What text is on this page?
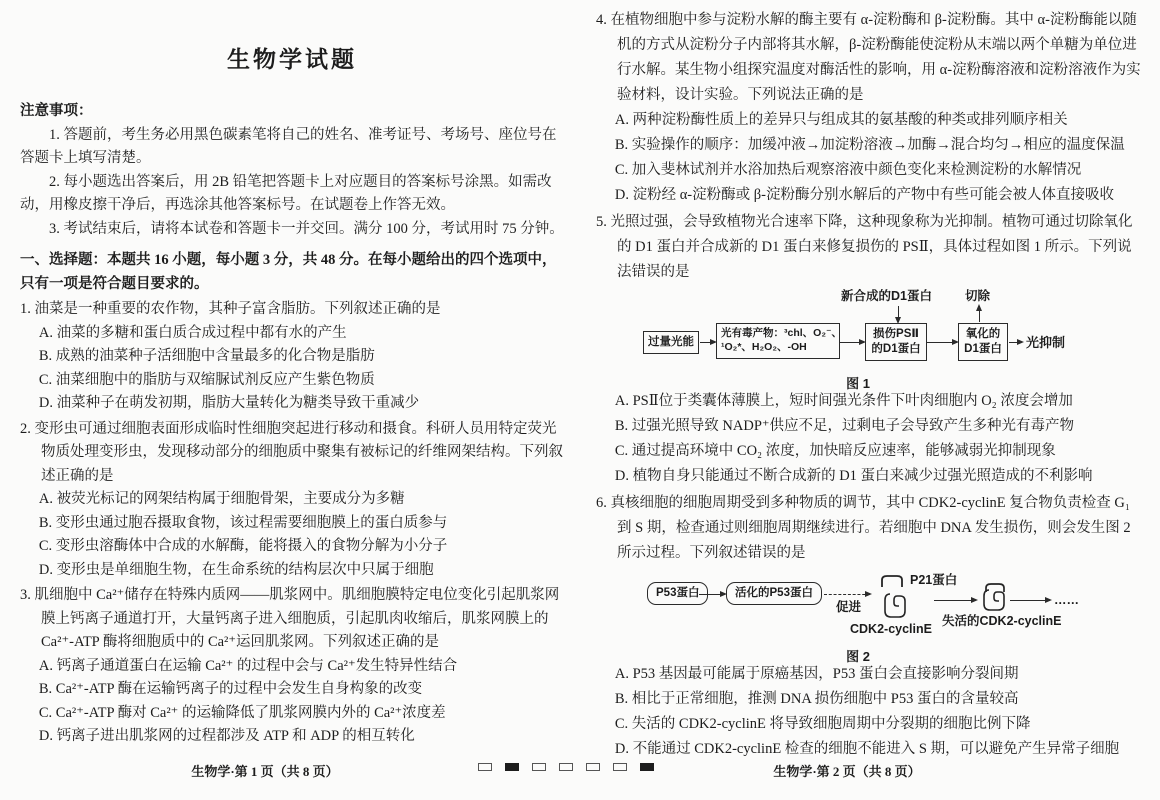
生物学试题
注意事项：

1. 答题前，考生务必用黑色碳素笔将自己的姓名、准考证号、考场号、座位号在答题卡上填写清楚。

2. 每小题选出答案后，用 2B 铅笔把答题卡上对应题目的答案标号涂黑。如需改动，用橡皮擦干净后，再选涂其他答案标号。在试题卷上作答无效。

3. 考试结束后，请将本试卷和答题卡一并交回。满分 100 分，考试用时 75 分钟。

一、选择题：本题共 16 小题，每小题 3 分，共 48 分。在每小题给出的四个选项中，只有一项是符合题目要求的。
1. 油菜是一种重要的农作物，其种子富含脂肪。下列叙述正确的是
A. 油菜的多糖和蛋白质合成过程中都有水的产生
B. 成熟的油菜种子活细胞中含量最多的化合物是脂肪
C. 油菜细胞中的脂肪与双缩脲试剂反应产生紫色物质
D. 油菜种子在萌发初期，脂肪大量转化为糖类导致干重减少
2. 变形虫可通过细胞表面形成临时性细胞突起进行移动和摄食。科研人员用特定荧光物质处理变形虫，发现移动部分的细胞质中聚集有被标记的纤维网架结构。下列叙述正确的是
A. 被荧光标记的网架结构属于细胞骨架，主要成分为多糖
B. 变形虫通过胞吞摄取食物，该过程需要细胞膜上的蛋白质参与
C. 变形虫溶酶体中合成的水解酶，能将摄入的食物分解为小分子
D. 变形虫是单细胞生物，在生命系统的结构层次中只属于细胞
3. 肌细胞中 Ca²⁺储存在特殊内质网——肌浆网中。肌细胞膜特定电位变化引起肌浆网膜上钙离子通道打开，大量钙离子进入细胞质，引起肌肉收缩后，肌浆网膜上的 Ca²⁺-ATP 酶将细胞质中的 Ca²⁺运回肌浆网。下列叙述正确的是
A. 钙离子通道蛋白在运输 Ca²⁺ 的过程中会与 Ca²⁺发生特异性结合
B. Ca²⁺-ATP 酶在运输钙离子的过程中会发生自身构象的改变
C. Ca²⁺-ATP 酶对 Ca²⁺ 的运输降低了肌浆网膜内外的 Ca²⁺浓度差
D. 钙离子进出肌浆网的过程都涉及 ATP 和 ADP 的相互转化
4. 在植物细胞中参与淀粉水解的酶主要有 α-淀粉酶和 β-淀粉酶。其中 α-淀粉酶能以随机的方式从淀粉分子内部将其水解，β-淀粉酶能使淀粉从末端以两个单糖为单位进行水解。某生物小组探究温度对酶活性的影响，用 α-淀粉酶溶液和淀粉溶液作为实验材料，设计实验。下列说法正确的是
A. 两种淀粉酶性质上的差异只与组成其的氨基酸的种类或排列顺序相关
B. 实验操作的顺序：加缓冲液→加淀粉溶液→加酶→混合均匀→相应的温度保温
C. 加入斐林试剂并水浴加热后观察溶液中颜色变化来检测淀粉的水解情况
D. 淀粉经 α-淀粉酶或 β-淀粉酶分别水解后的产物中有些可能会被人体直接吸收
5. 光照过强，会导致植物光合速率下降，这种现象称为光抑制。植物可通过切除氧化的 D1 蛋白并合成新的 D1 蛋白来修复损伤的 PSⅡ，具体过程如图 1 所示。下列说法错误的是
新合成的D1蛋白	切除
过量光能
光有毒产物：³chl、O₂⁻、
¹O₂*、H₂O₂、-OH
损伤PSⅡ
的D1蛋白
氧化的
D1蛋白 光抑制
图 1
A. PSⅡ位于类囊体薄膜上，短时间强光条件下叶肉细胞内 O₂ 浓度会增加
B. 过强光照导致 NADP⁺供应不足，过剩电子会导致产生多种光有毒产物
C. 通过提高环境中 CO₂ 浓度，加快暗反应速率，能够减弱光抑制现象
D. 植物自身只能通过不断合成新的 D1 蛋白来减少过强光照造成的不利影响
6. 真核细胞的细胞周期受到多种物质的调节，其中 CDK2-cyclinE 复合物负责检查 G₁ 到 S 期，检查通过则细胞周期继续进行。若细胞中 DNA 发生损伤，则会发生图 2 所示过程。下列叙述错误的是
P53蛋白	活化的P53蛋白
促进
P21蛋白
CDK2-cyclinE
失活的CDK2-cyclinE
……
图 2
A. P53 基因最可能属于原癌基因，P53 蛋白会直接影响分裂间期
B. 相比于正常细胞，推测 DNA 损伤细胞中 P53 蛋白的含量较高
C. 失活的 CDK2-cyclinE 将导致细胞周期中分裂期的细胞比例下降
D. 不能通过 CDK2-cyclinE 检查的细胞不能进入 S 期，可以避免产生异常子细胞
生物学·第 1 页（共 8 页）	生物学·第 2 页（共 8 页）
